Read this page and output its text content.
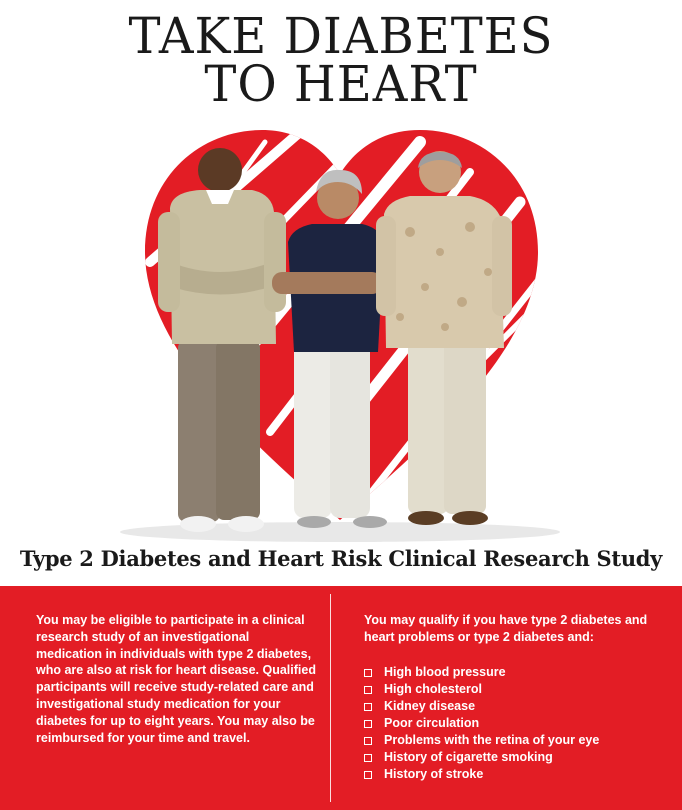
TAKE DIABETES
TO HEART
Type 2 Diabetes and Heart Risk Clinical Research Study
You may be eligible to participate in a clinical research study of an investigational medication in individuals with type 2 diabetes, who are also at risk for heart disease. Qualified participants will receive study-related care and investigational study medication for your diabetes for up to eight years. You may also be reimbursed for your time and travel.
You may qualify if you have type 2 diabetes and heart problems or type 2 diabetes and:
High blood pressure
High cholesterol
Kidney disease
Poor circulation
Problems with the retina of your eye
History of cigarette smoking
History of stroke
